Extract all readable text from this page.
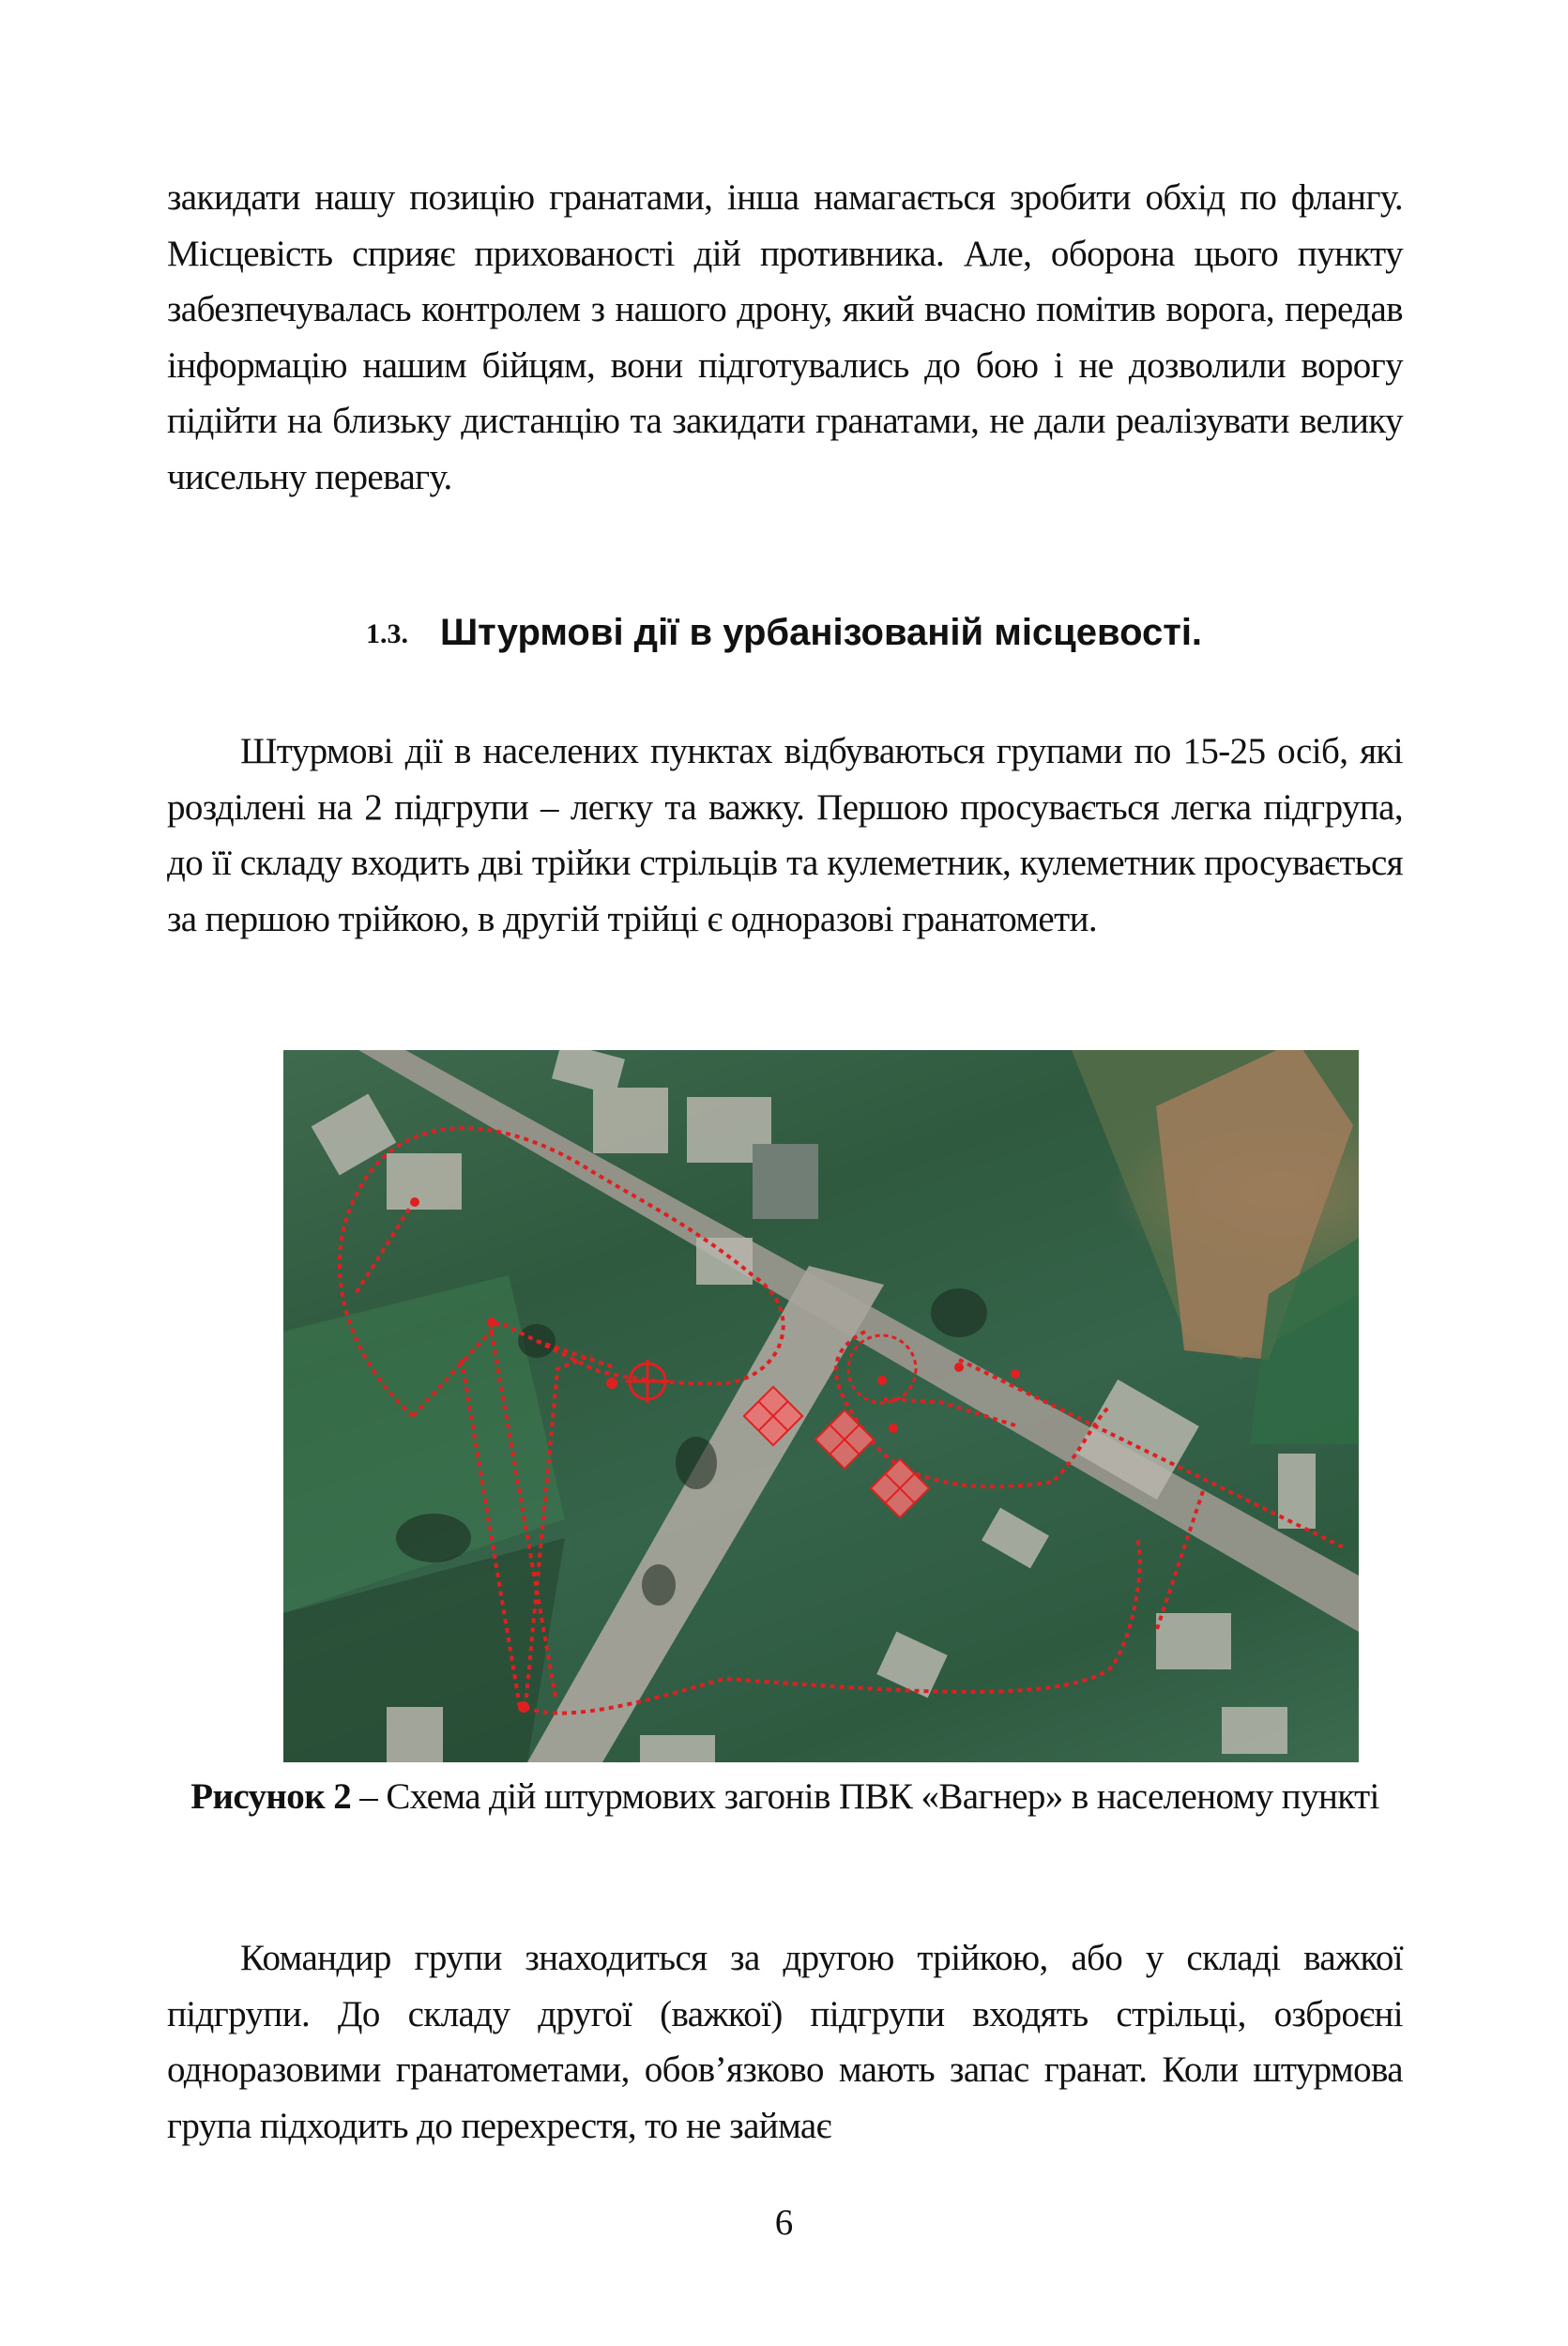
закидати нашу позицію гранатами, інша намагається зробити обхід по флангу. Місцевість сприяє прихованості дій противника. Але, оборона цього пункту забезпечувалась контролем з нашого дрону, який вчасно помітив ворога, передав інформацію нашим бійцям, вони підготувались до бою і не дозволили ворогу підійти на близьку дистанцію та закидати гранатами, не дали реалізувати велику чисельну перевагу.

1.3. Штурмові дії в урбанізованій місцевості.

Штурмові дії в населених пунктах відбуваються групами по 15-25 осіб, які розділені на 2 підгрупи – легку та важку. Першою просувається легка підгрупа, до її складу входить дві трійки стрільців та кулеметник, кулеметник просувається за першою трійкою, в другій трійці є одноразові гранатомети.

Рисунок 2 – Схема дій штурмових загонів ПВК «Вагнер» в населеному пункті

Командир групи знаходиться за другою трійкою, або у складі важкої підгрупи. До складу другої (важкої) підгрупи входять стрільці, озброєні одноразовими гранатометами, обов’язково мають запас гранат. Коли штурмова група підходить до перехрестя, то не займає

6
